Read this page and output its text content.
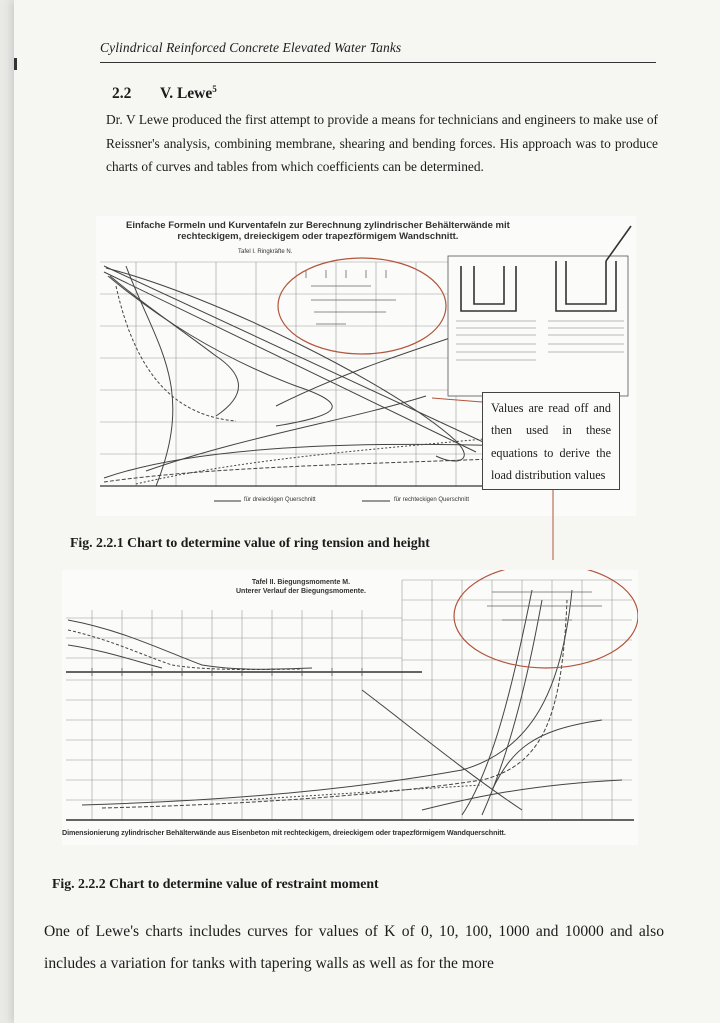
Cylindrical Reinforced Concrete Elevated Water Tanks
2.2 V. Lewe$^5$

Dr. V Lewe produced the first attempt to provide a means for technicians and engineers to make use of Reissner's analysis, combining membrane, shearing and bending forces. His approach was to produce charts of curves and tables from which coefficients can be determined.

Einfache Formeln und Kurventafeln zur Berechnung zylindrischer Behälterwände mit
rechteckigem, dreieckigem oder trapezförmigem Wandschnitt.
Tafel I. Ringkräfte N.
für dreieckigen Querschnitt	für rechteckigen Querschnitt
Values are read off and then used in these equations to derive the load distribution values
Fig. 2.2.1 Chart to determine value of ring tension and height
Tafel II. Biegungsmomente M.
Unterer Verlauf der Biegungsmomente.
Dimensionierung zylindrischer Behälterwände aus Eisenbeton mit rechteckigem, dreieckigem oder trapezförmigem Wandquerschnitt.
Fig. 2.2.2 Chart to determine value of restraint moment

One of Lewe's charts includes curves for values of K of 0, 10, 100, 1000 and 10000 and also includes a variation for tanks with tapering walls as well as for the more
